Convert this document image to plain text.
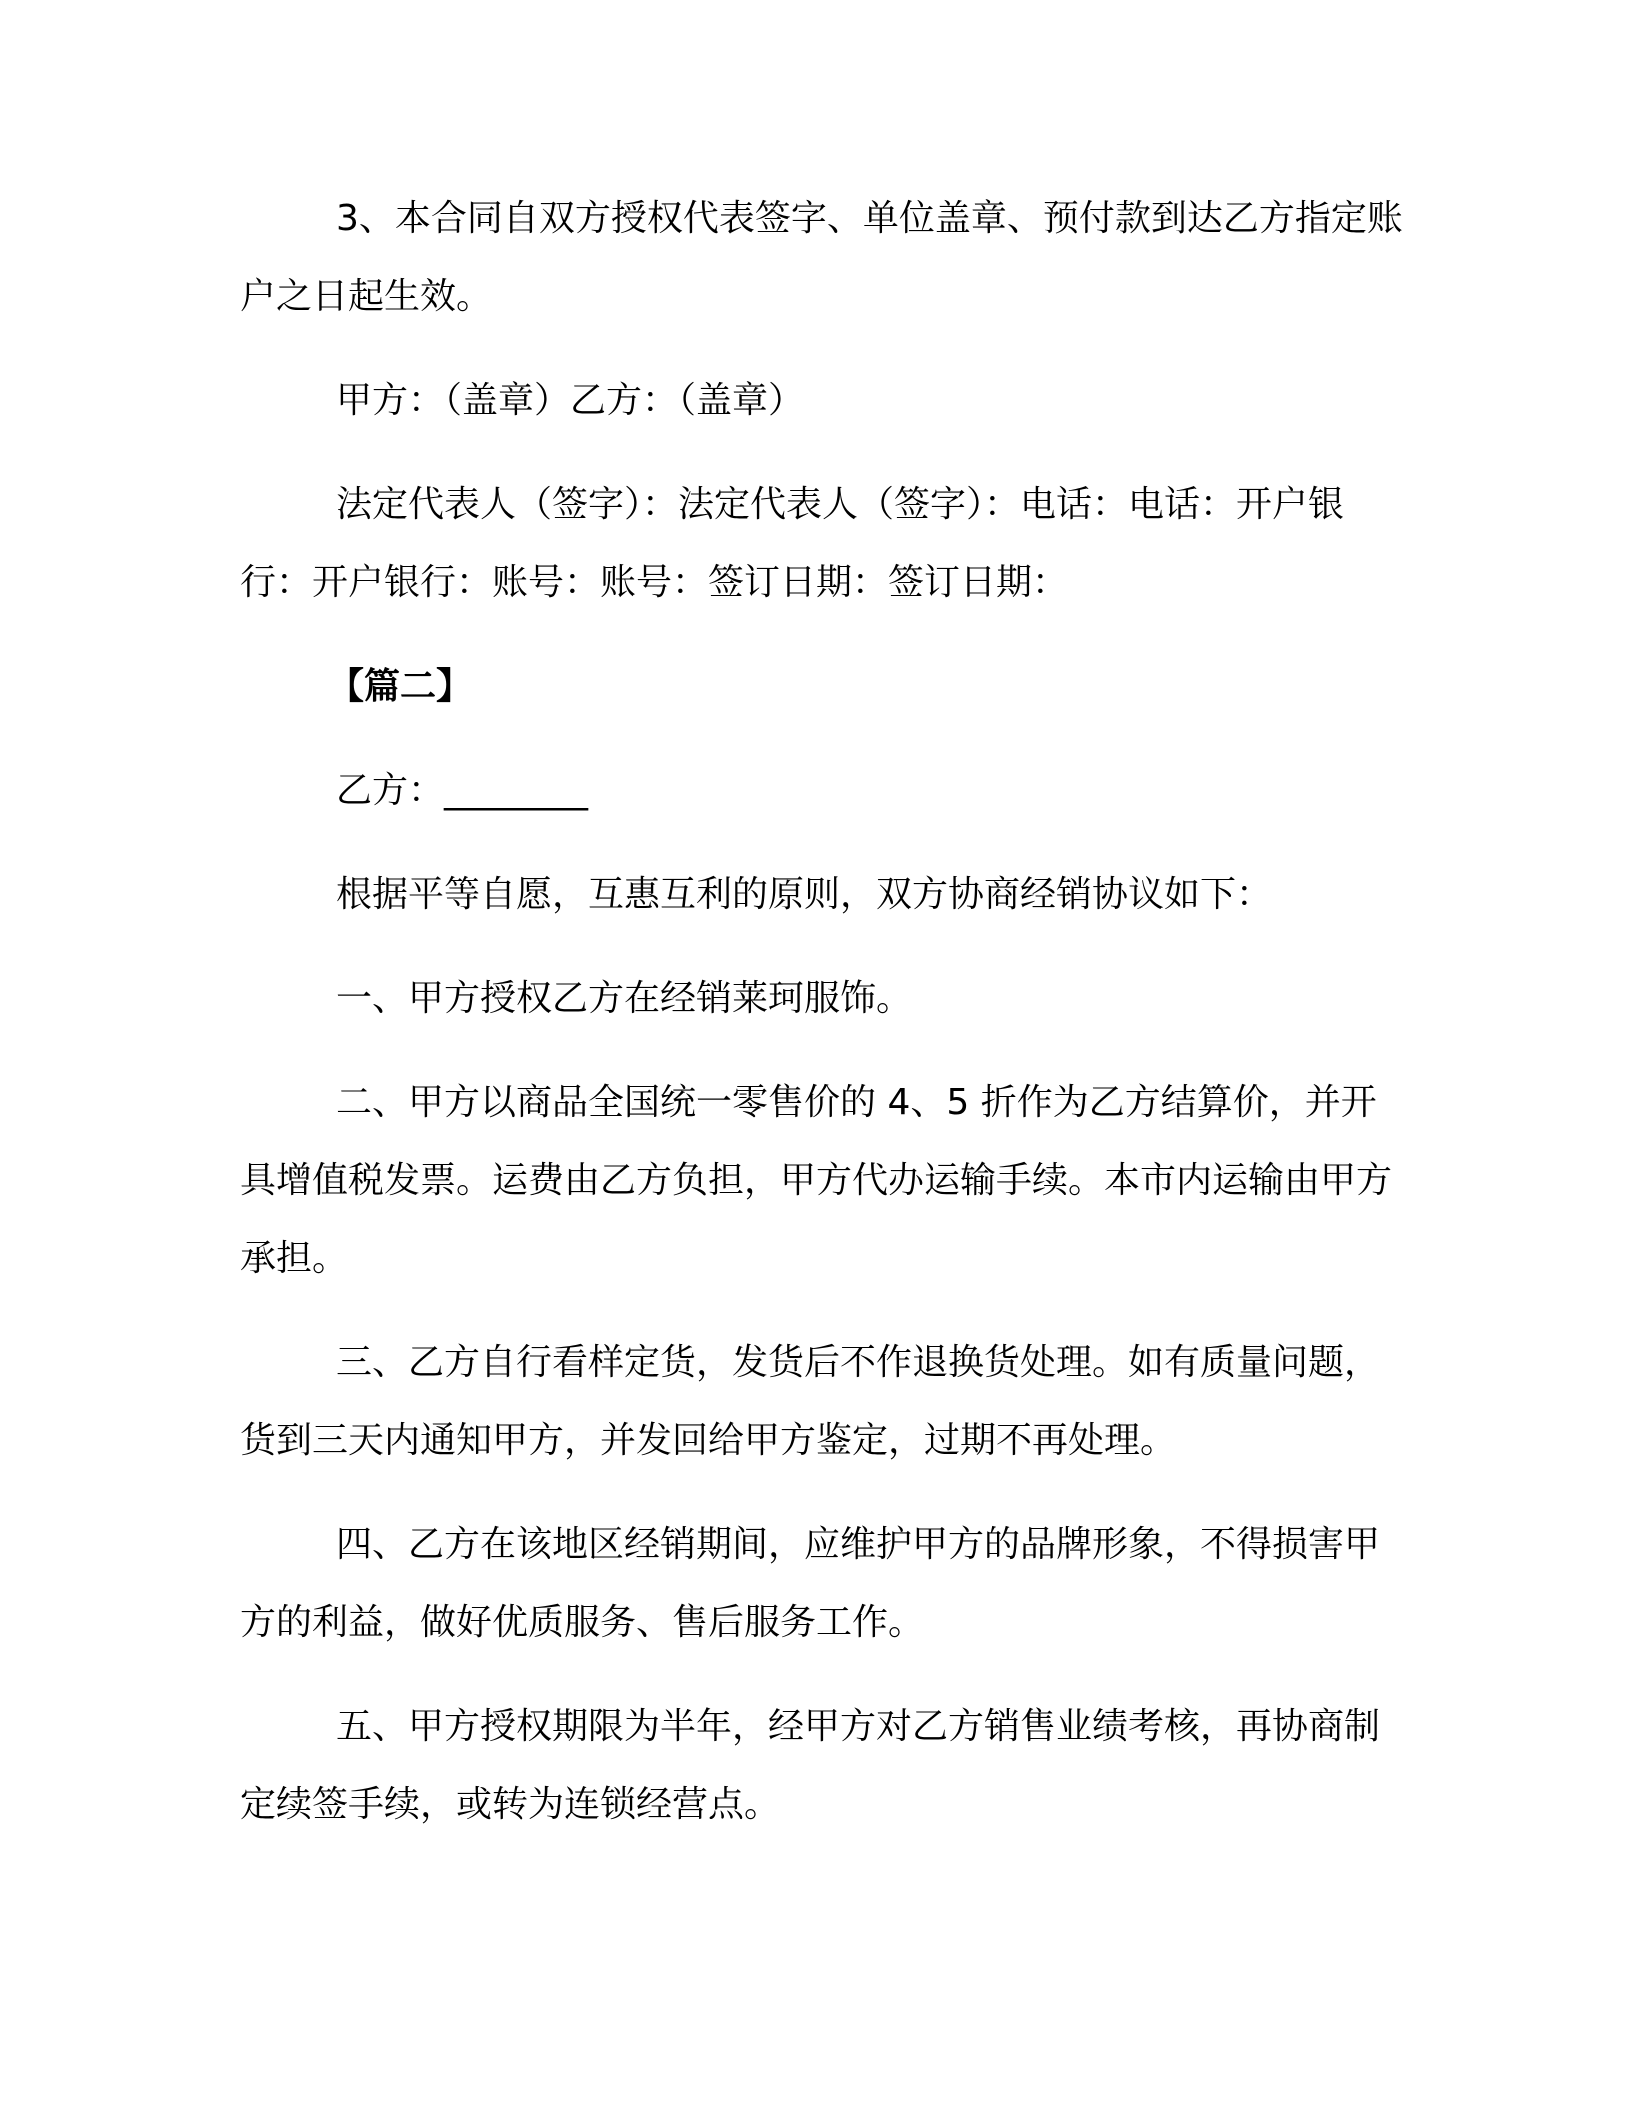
3、本合同自双方授权代表签字、单位盖章、预付款到达乙方指定账户之日起生效。

甲方：（盖章）乙方：（盖章）

法定代表人（签字）：法定代表人（签字）：电话：电话：开户银行：开户银行：账号：账号：签订日期：签订日期：

【篇二】

乙方：________

根据平等自愿，互惠互利的原则，双方协商经销协议如下：

一、甲方授权乙方在经销莱珂服饰。

二、甲方以商品全国统一零售价的 4、5 折作为乙方结算价，并开具增值税发票。运费由乙方负担，甲方代办运输手续。本市内运输由甲方承担。

三、乙方自行看样定货，发货后不作退换货处理。如有质量问题，货到三天内通知甲方，并发回给甲方鉴定，过期不再处理。

四、乙方在该地区经销期间，应维护甲方的品牌形象，不得损害甲方的利益，做好优质服务、售后服务工作。

五、甲方授权期限为半年，经甲方对乙方销售业绩考核，再协商制定续签手续，或转为连锁经营点。
